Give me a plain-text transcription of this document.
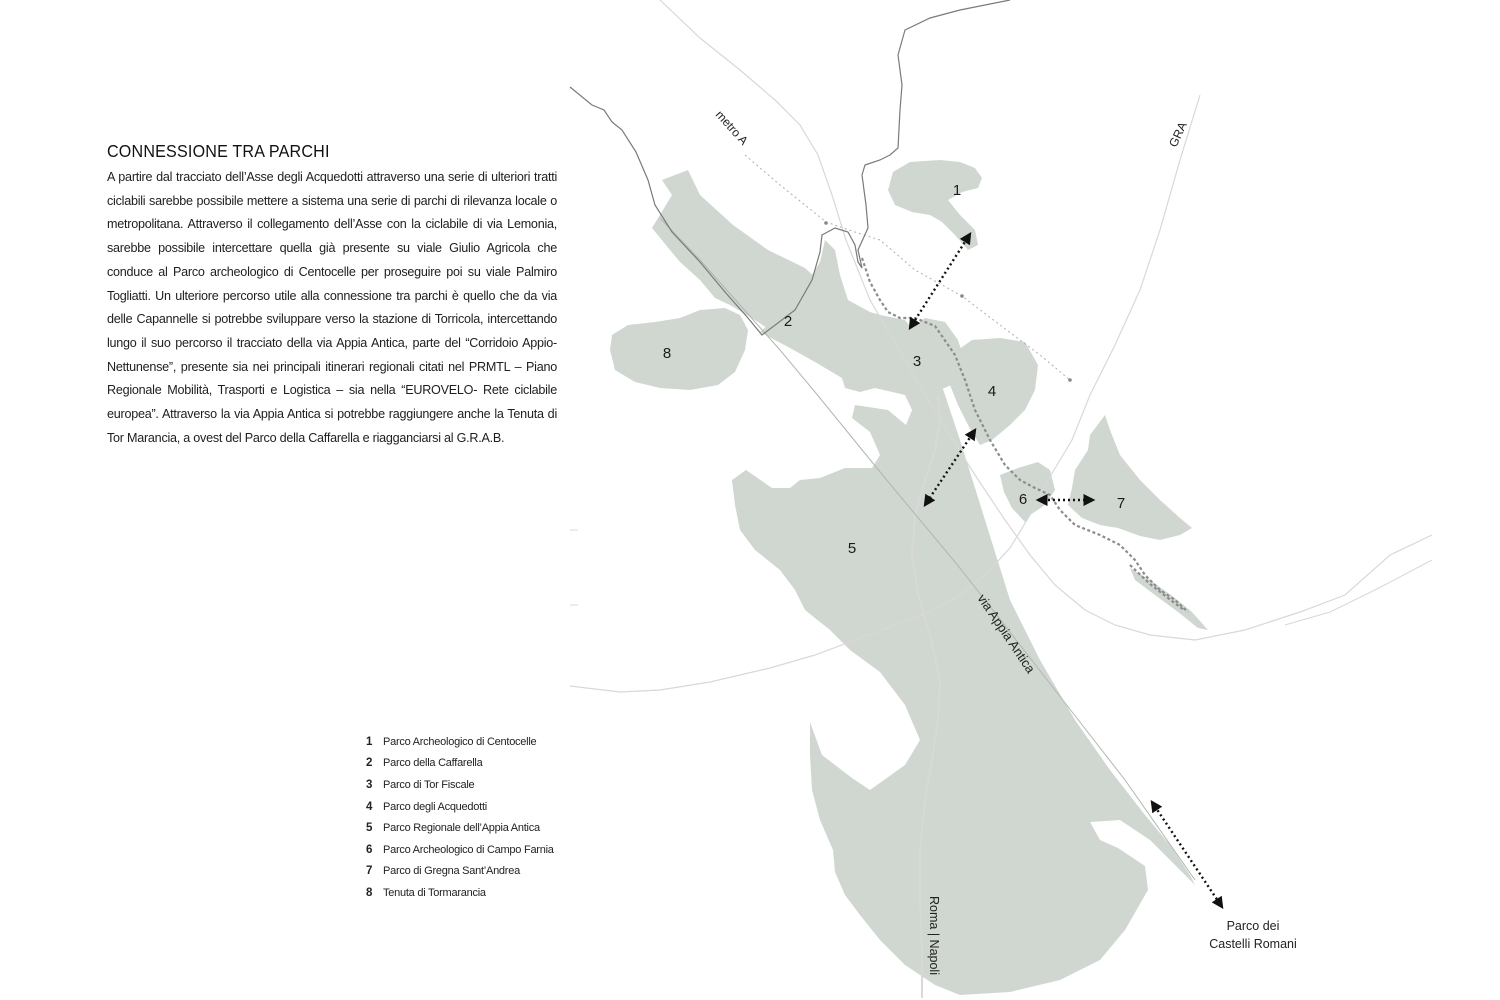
CONNESSIONE TRA PARCHI
A partire dal tracciato dell’Asse degli Acquedotti attraverso una serie di ulteriori tratti ciclabili sarebbe possibile mettere a sistema una serie di parchi di rilevanza locale o metropolitana. Attraverso il collegamento dell’Asse con la ciclabile di via Lemonia, sarebbe possibile intercettare quella già presente su viale Giulio Agricola che conduce al Parco archeologico di Centocelle per proseguire poi su viale Palmiro Togliatti. Un ulteriore percorso utile alla connessione tra parchi è quello che da via delle Capannelle si potrebbe sviluppare verso la stazione di Torricola, intercettando lungo il suo percorso il tracciato della via Appia Antica, parte del “Corridoio Appio-Nettunense”, presente sia nei principali itinerari regionali citati nel PRMTL – Piano Regionale Mobilità, Trasporti e Logistica – sia nella “EUROVELO- Rete ciclabile europea”. Attraverso la via Appia Antica si potrebbe raggiungere anche la Tenuta di Tor Marancia, a ovest del Parco della Caffarella e riagganciarsi al G.R.A.B.
1 Parco Archeologico di Centocelle
2 Parco della Caffarella
3 Parco di Tor Fiscale
4 Parco degli Acquedotti
5 Parco Regionale dell’Appia Antica
6 Parco Archeologico di Campo Farnia
7 Parco di Gregna Sant’Andrea
8 Tenuta di Tormarancia
1
2
3
4
5
6	7
8
metro A	GRA
via Appia Antica
Roma | Napoli	Parco dei
Castelli Romani
